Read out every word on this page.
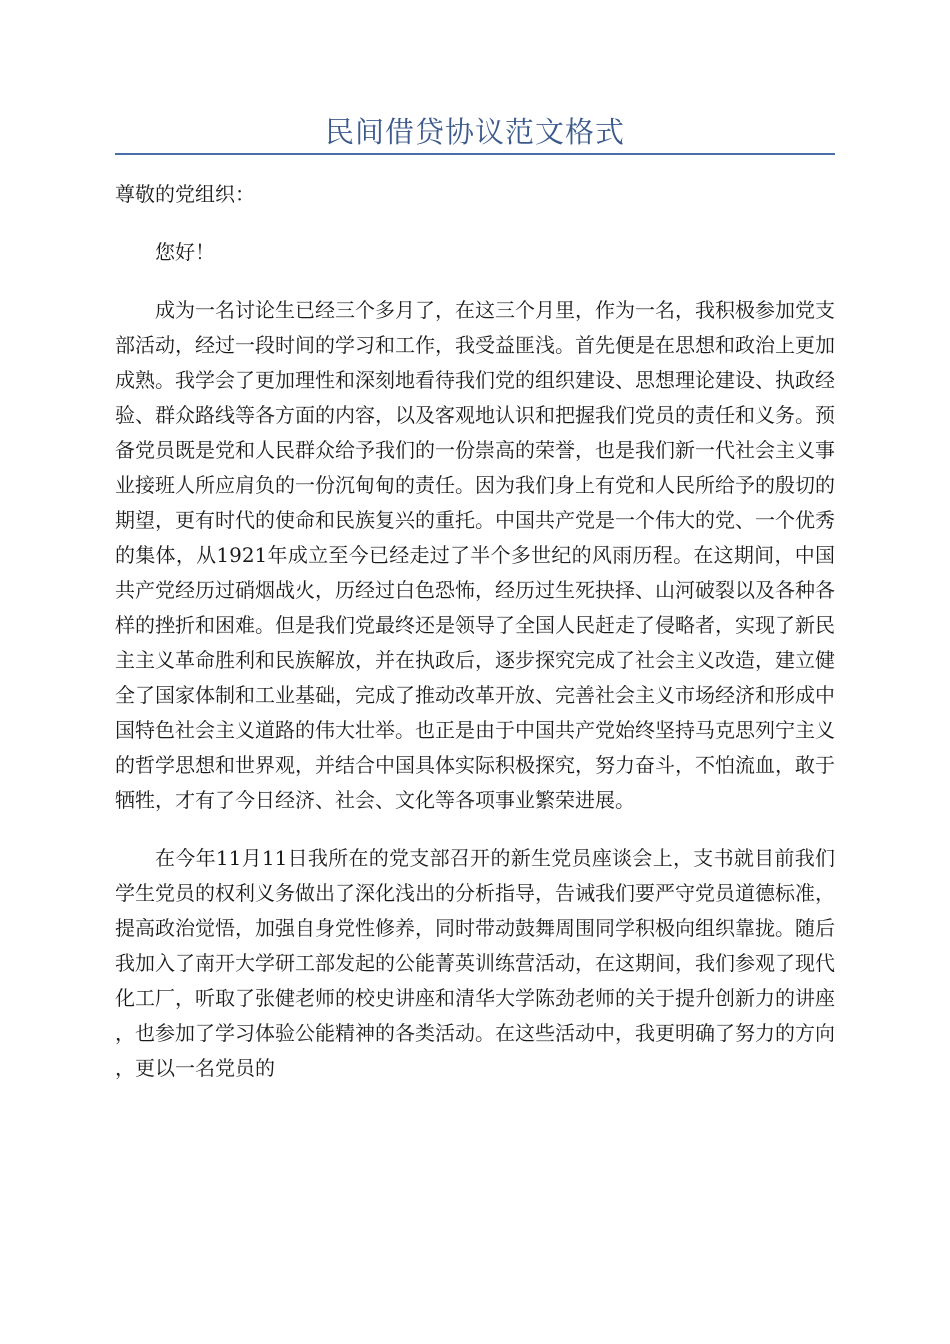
民间借贷协议范文格式

尊敬的党组织：

您好！

成为一名讨论生已经三个多月了，在这三个月里，作为一名，我积极参加党支部活动，经过一段时间的学习和工作，我受益匪浅。首先便是在思想和政治上更加成熟。我学会了更加理性和深刻地看待我们党的组织建设、思想理论建设、执政经验、群众路线等各方面的内容，以及客观地认识和把握我们党员的责任和义务。预备党员既是党和人民群众给予我们的一份崇高的荣誉，也是我们新一代社会主义事业接班人所应肩负的一份沉甸甸的责任。因为我们身上有党和人民所给予的殷切的期望，更有时代的使命和民族复兴的重托。中国共产党是一个伟大的党、一个优秀的集体，从1921年成立至今已经走过了半个多世纪的风雨历程。在这期间，中国共产党经历过硝烟战火，历经过白色恐怖，经历过生死抉择、山河破裂以及各种各样的挫折和困难。但是我们党最终还是领导了全国人民赶走了侵略者，实现了新民主主义革命胜利和民族解放，并在执政后，逐步探究完成了社会主义改造，建立健全了国家体制和工业基础，完成了推动改革开放、完善社会主义市场经济和形成中国特色社会主义道路的伟大壮举。也正是由于中国共产党始终坚持马克思列宁主义的哲学思想和世界观，并结合中国具体实际积极探究，努力奋斗，不怕流血，敢于牺牲，才有了今日经济、社会、文化等各项事业繁荣进展。

在今年11月11日我所在的党支部召开的新生党员座谈会上，支书就目前我们学生党员的权利义务做出了深化浅出的分析指导，告诫我们要严守党员道德标准，提高政治觉悟，加强自身党性修养，同时带动鼓舞周围同学积极向组织靠拢。随后我加入了南开大学研工部发起的公能菁英训练营活动，在这期间，我们参观了现代化工厂，听取了张健老师的校史讲座和清华大学陈劲老师的关于提升创新力的讲座，也参加了学习体验公能精神的各类活动。在这些活动中，我更明确了努力的方向，更以一名党员的
